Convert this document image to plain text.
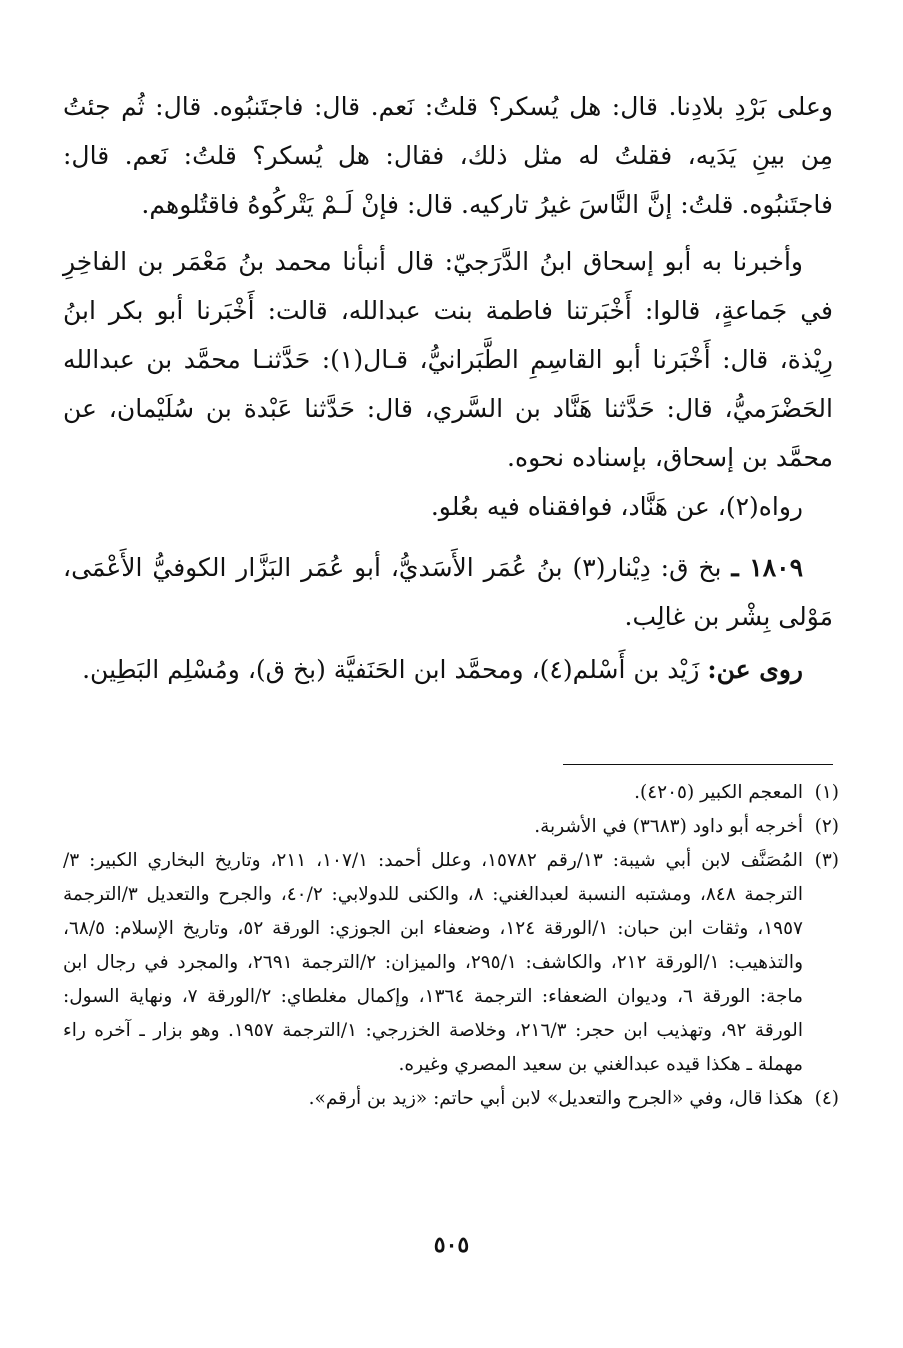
وعلى بَرْدِ بلادِنا. قال: هل يُسكر؟ قلتُ: نَعم. قال: فاجتَنبُوه. قال: ثُم جئتُ مِن بينِ يَدَيه، فقلتُ له مثل ذلك، فقال: هل يُسكر؟ قلتُ: نَعم. قال: فاجتَنبُوه. قلتُ: إنَّ النَّاسَ غيرُ تاركيه. قال: فإنْ لَـمْ يَتْركُوهُ فاقتُلوهم.

وأخبرنا به أبو إسحاق ابنُ الدَّرَجيّ: قال أنبأنا محمد بنُ مَعْمَر بن الفاخِرِ في جَماعةٍ، قالوا: أَخْبَرتنا فاطمة بنت عبدالله، قالت: أَخْبَرنا أبو بكر ابنُ رِيْذة، قال: أَخْبَرنا أبو القاسِمِ الطَّبَرانيُّ، قـال(١): حَدَّثنـا محمَّد بن عبدالله الحَضْرَميُّ، قال: حَدَّثنا هَنَّاد بن السَّري، قال: حَدَّثنا عَبْدة بن سُلَيْمان، عن محمَّد بن إسحاق، بإسناده نحوه.

رواه(٢)، عن هَنَّاد، فوافقناه فيه بعُلو.

١٨٠٩ ـ بخ ق: دِيْنار(٣) بنُ عُمَر الأَسَديُّ، أبو عُمَر البَزَّار الكوفيُّ الأَعْمَى، مَوْلى بِشْر بن غالِب.

روى عن: زَيْد بن أَسْلم(٤)، ومحمَّد ابن الحَنَفيَّة (بخ ق)، ومُسْلِم البَطِين.

(١)
المعجم الكبير (٤٢٠٥).
(٢)
أخرجه أبو داود (٣٦٨٣) في الأشربة.
(٣)
المُصَنَّف لابن أبي شيبة: ١٣/رقم ١٥٧٨٢، وعلل أحمد: ١٠٧/١، ٢١١، وتاريخ البخاري الكبير: ٣/الترجمة ٨٤٨، ومشتبه النسبة لعبدالغني: ٨، والكنى للدولابي: ٤٠/٢، والجرح والتعديل ٣/الترجمة ١٩٥٧، وثقات ابن حبان: ١/الورقة ١٢٤، وضعفاء ابن الجوزي: الورقة ٥٢، وتاريخ الإسلام: ٦٨/٥، والتذهيب: ١/الورقة ٢١٢، والكاشف: ٢٩٥/١، والميزان: ٢/الترجمة ٢٦٩١، والمجرد في رجال ابن ماجة: الورقة ٦، وديوان الضعفاء: الترجمة ١٣٦٤، وإكمال مغلطاي: ٢/الورقة ٧، ونهاية السول: الورقة ٩٢، وتهذيب ابن حجر: ٢١٦/٣، وخلاصة الخزرجي: ١/الترجمة ١٩٥٧. وهو بزار ـ آخره راء مهملة ـ هكذا قيده عبدالغني بن سعيد المصري وغيره.
(٤)
هكذا قال، وفي «الجرح والتعديل» لابن أبي حاتم: «زيد بن أرقم».
٥٠٥
